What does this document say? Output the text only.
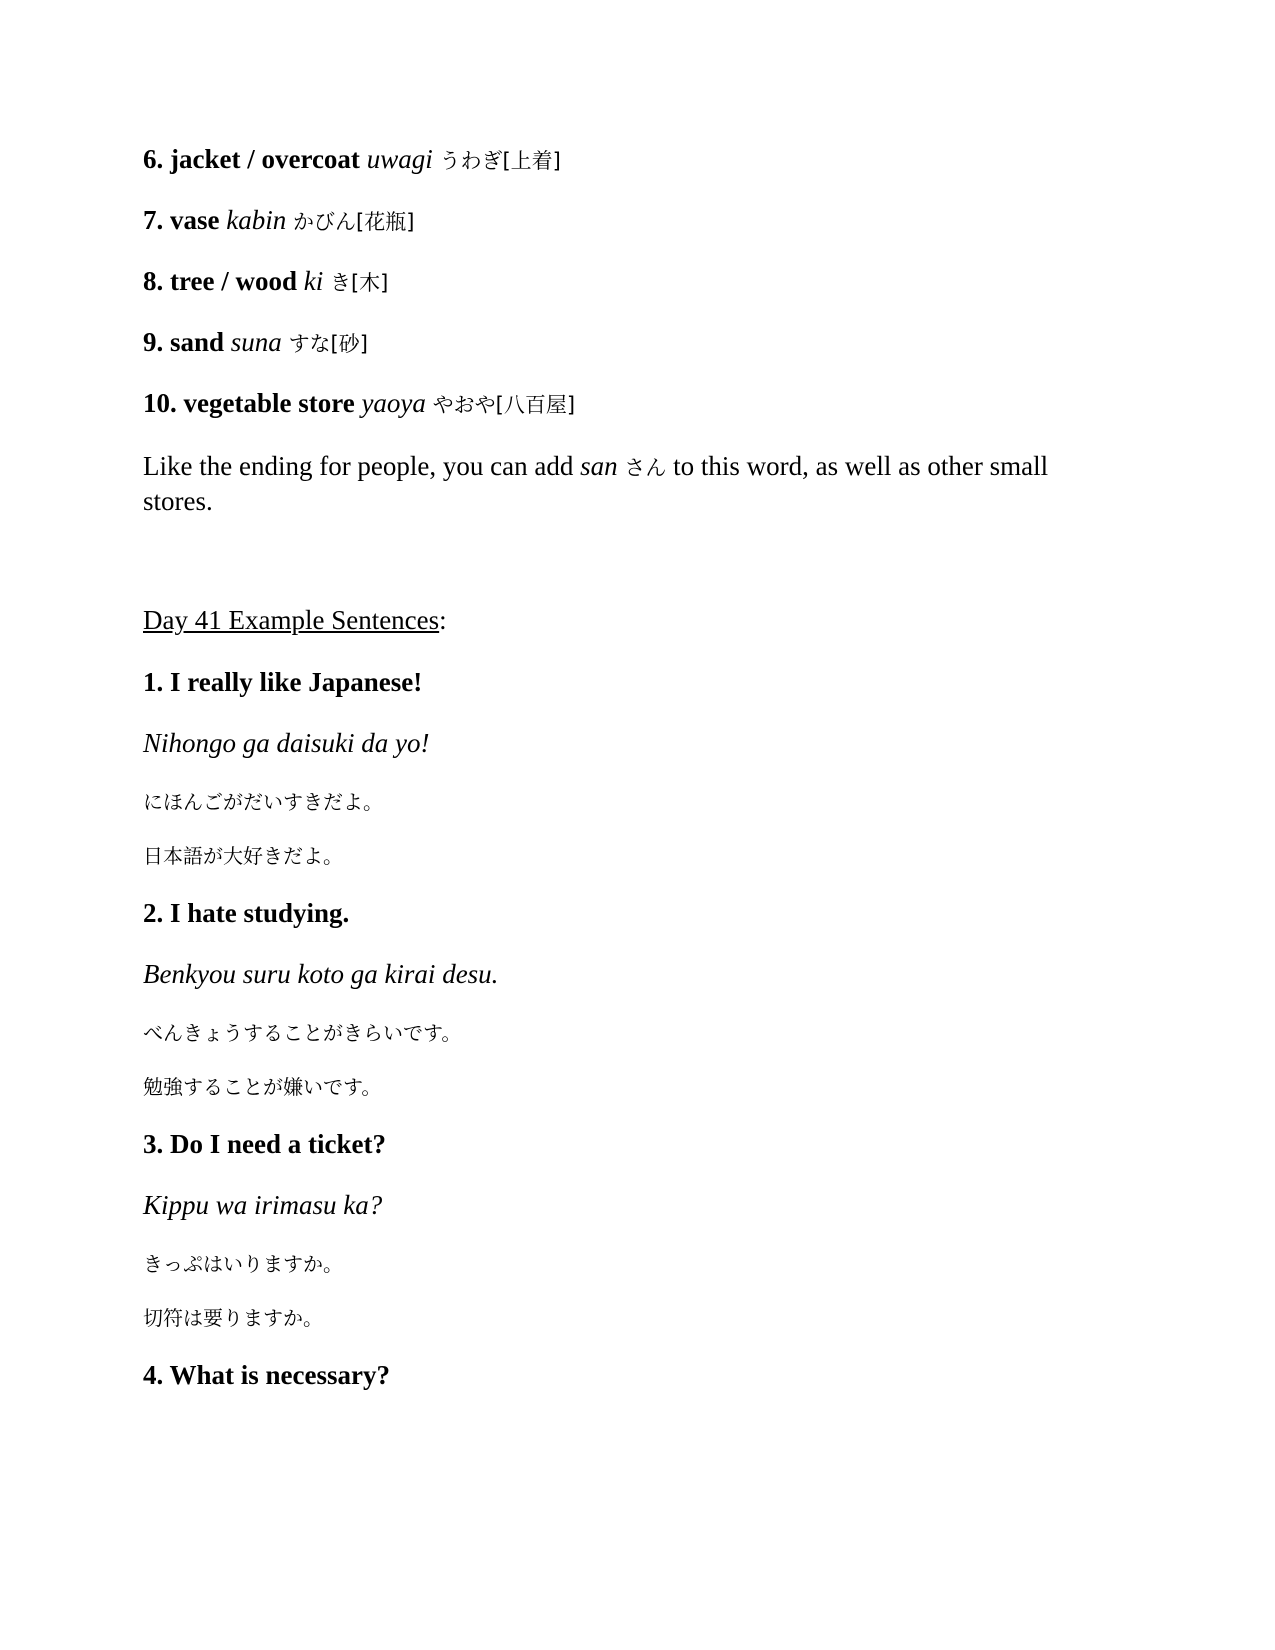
6. jacket / overcoat uwagi うわぎ[上着]
7. vase kabin かびん[花瓶]
8. tree / wood ki き[木]
9. sand suna すな[砂]
10. vegetable store yaoya やおや[八百屋]
Like the ending for people, you can add san さん to this word, as well as other small stores.
Day 41 Example Sentences:
1. I really like Japanese!
Nihongo ga daisuki da yo!
にほんごがだいすきだよ。
日本語が大好きだよ。
2. I hate studying.
Benkyou suru koto ga kirai desu.
べんきょうすることがきらいです。
勉強することが嫌いです。
3. Do I need a ticket?
Kippu wa irimasu ka?
きっぷはいりますか。
切符は要りますか。
4. What is necessary?
